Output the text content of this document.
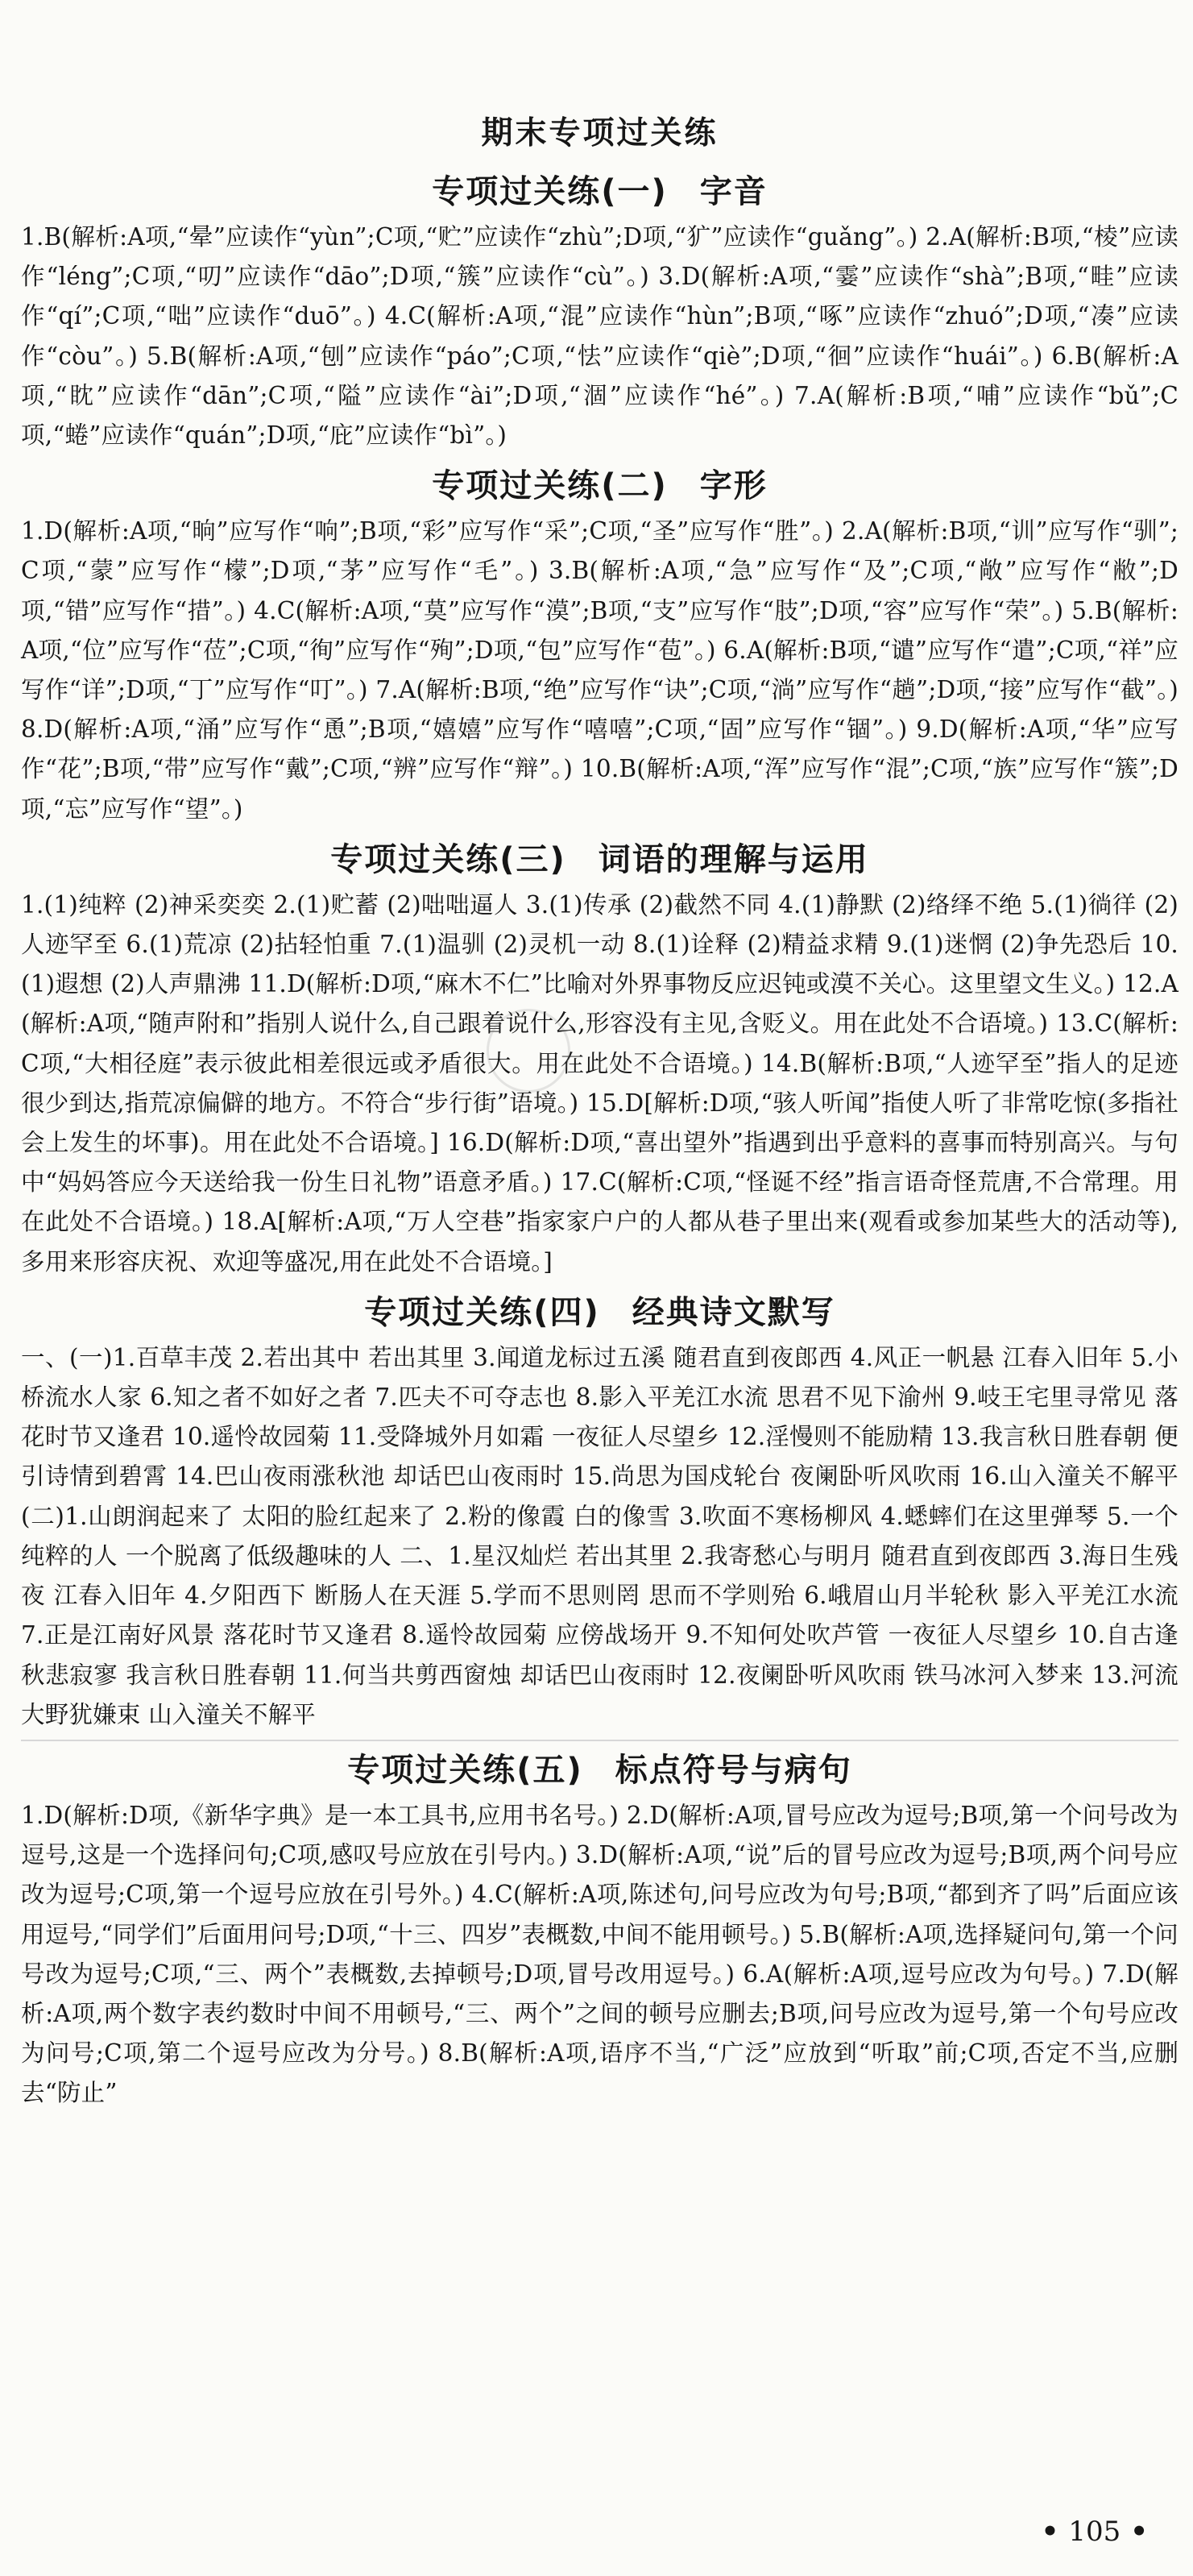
期末专项过关练
专项过关练(一) 字音

1.B(解析:A项,“晕”应读作“yùn”;C项,“贮”应读作“zhù”;D项,“犷”应读作“guǎng”。) 2.A(解析:B项,“棱”应读作“léng”;C项,“叨”应读作“dāo”;D项,“簇”应读作“cù”。) 3.D(解析:A项,“霎”应读作“shà”;B项,“畦”应读作“qí”;C项,“咄”应读作“duō”。) 4.C(解析:A项,“混”应读作“hùn”;B项,“啄”应读作“zhuó”;D项,“凑”应读作“còu”。) 5.B(解析:A项,“刨”应读作“páo”;C项,“怯”应读作“qiè”;D项,“徊”应读作“huái”。) 6.B(解析:A项,“眈”应读作“dān”;C项,“隘”应读作“ài”;D项,“涸”应读作“hé”。) 7.A(解析:B项,“哺”应读作“bǔ”;C项,“蜷”应读作“quán”;D项,“庇”应读作“bì”。)

专项过关练(二) 字形

1.D(解析:A项,“晌”应写作“响”;B项,“彩”应写作“采”;C项,“圣”应写作“胜”。) 2.A(解析:B项,“训”应写作“驯”;C项,“蒙”应写作“檬”;D项,“茅”应写作“毛”。) 3.B(解析:A项,“急”应写作“及”;C项,“敞”应写作“敝”;D项,“错”应写作“措”。) 4.C(解析:A项,“莫”应写作“漠”;B项,“支”应写作“肢”;D项,“容”应写作“荣”。) 5.B(解析:A项,“位”应写作“莅”;C项,“徇”应写作“殉”;D项,“包”应写作“苞”。) 6.A(解析:B项,“谴”应写作“遣”;C项,“祥”应写作“详”;D项,“丁”应写作“叮”。) 7.A(解析:B项,“绝”应写作“诀”;C项,“淌”应写作“趟”;D项,“接”应写作“截”。) 8.D(解析:A项,“涌”应写作“恿”;B项,“嬉嬉”应写作“嘻嘻”;C项,“固”应写作“锢”。) 9.D(解析:A项,“华”应写作“花”;B项,“带”应写作“戴”;C项,“辨”应写作“辩”。) 10.B(解析:A项,“浑”应写作“混”;C项,“族”应写作“簇”;D项,“忘”应写作“望”。)

专项过关练(三) 词语的理解与运用

1.(1)纯粹 (2)神采奕奕 2.(1)贮蓄 (2)咄咄逼人 3.(1)传承 (2)截然不同 4.(1)静默 (2)络绎不绝 5.(1)徜徉 (2)人迹罕至 6.(1)荒凉 (2)拈轻怕重 7.(1)温驯 (2)灵机一动 8.(1)诠释 (2)精益求精 9.(1)迷惘 (2)争先恐后 10.(1)遐想 (2)人声鼎沸 11.D(解析:D项,“麻木不仁”比喻对外界事物反应迟钝或漠不关心。这里望文生义。) 12.A(解析:A项,“随声附和”指别人说什么,自己跟着说什么,形容没有主见,含贬义。用在此处不合语境。) 13.C(解析:C项,“大相径庭”表示彼此相差很远或矛盾很大。用在此处不合语境。) 14.B(解析:B项,“人迹罕至”指人的足迹很少到达,指荒凉偏僻的地方。不符合“步行街”语境。) 15.D[解析:D项,“骇人听闻”指使人听了非常吃惊(多指社会上发生的坏事)。用在此处不合语境。] 16.D(解析:D项,“喜出望外”指遇到出乎意料的喜事而特别高兴。与句中“妈妈答应今天送给我一份生日礼物”语意矛盾。) 17.C(解析:C项,“怪诞不经”指言语奇怪荒唐,不合常理。用在此处不合语境。) 18.A[解析:A项,“万人空巷”指家家户户的人都从巷子里出来(观看或参加某些大的活动等),多用来形容庆祝、欢迎等盛况,用在此处不合语境。]

专项过关练(四) 经典诗文默写

一、(一)1.百草丰茂 2.若出其中 若出其里 3.闻道龙标过五溪 随君直到夜郎西 4.风正一帆悬 江春入旧年 5.小桥流水人家 6.知之者不如好之者 7.匹夫不可夺志也 8.影入平羌江水流 思君不见下渝州 9.岐王宅里寻常见 落花时节又逢君 10.遥怜故园菊 11.受降城外月如霜 一夜征人尽望乡 12.淫慢则不能励精 13.我言秋日胜春朝 便引诗情到碧霄 14.巴山夜雨涨秋池 却话巴山夜雨时 15.尚思为国戍轮台 夜阑卧听风吹雨 16.山入潼关不解平 (二)1.山朗润起来了 太阳的脸红起来了 2.粉的像霞 白的像雪 3.吹面不寒杨柳风 4.蟋蟀们在这里弹琴 5.一个纯粹的人 一个脱离了低级趣味的人 二、1.星汉灿烂 若出其里 2.我寄愁心与明月 随君直到夜郎西 3.海日生残夜 江春入旧年 4.夕阳西下 断肠人在天涯 5.学而不思则罔 思而不学则殆 6.峨眉山月半轮秋 影入平羌江水流 7.正是江南好风景 落花时节又逢君 8.遥怜故园菊 应傍战场开 9.不知何处吹芦管 一夜征人尽望乡 10.自古逢秋悲寂寥 我言秋日胜春朝 11.何当共剪西窗烛 却话巴山夜雨时 12.夜阑卧听风吹雨 铁马冰河入梦来 13.河流大野犹嫌束 山入潼关不解平

专项过关练(五) 标点符号与病句

1.D(解析:D项,《新华字典》是一本工具书,应用书名号。) 2.D(解析:A项,冒号应改为逗号;B项,第一个问号改为逗号,这是一个选择问句;C项,感叹号应放在引号内。) 3.D(解析:A项,“说”后的冒号应改为逗号;B项,两个问号应改为逗号;C项,第一个逗号应放在引号外。) 4.C(解析:A项,陈述句,问号应改为句号;B项,“都到齐了吗”后面应该用逗号,“同学们”后面用问号;D项,“十三、四岁”表概数,中间不能用顿号。) 5.B(解析:A项,选择疑问句,第一个问号改为逗号;C项,“三、两个”表概数,去掉顿号;D项,冒号改用逗号。) 6.A(解析:A项,逗号应改为句号。) 7.D(解析:A项,两个数字表约数时中间不用顿号,“三、两个”之间的顿号应删去;B项,问号应改为逗号,第一个句号应改为问号;C项,第二个逗号应改为分号。) 8.B(解析:A项,语序不当,“广泛”应放到“听取”前;C项,否定不当,应删去“防止”

• 105 •
